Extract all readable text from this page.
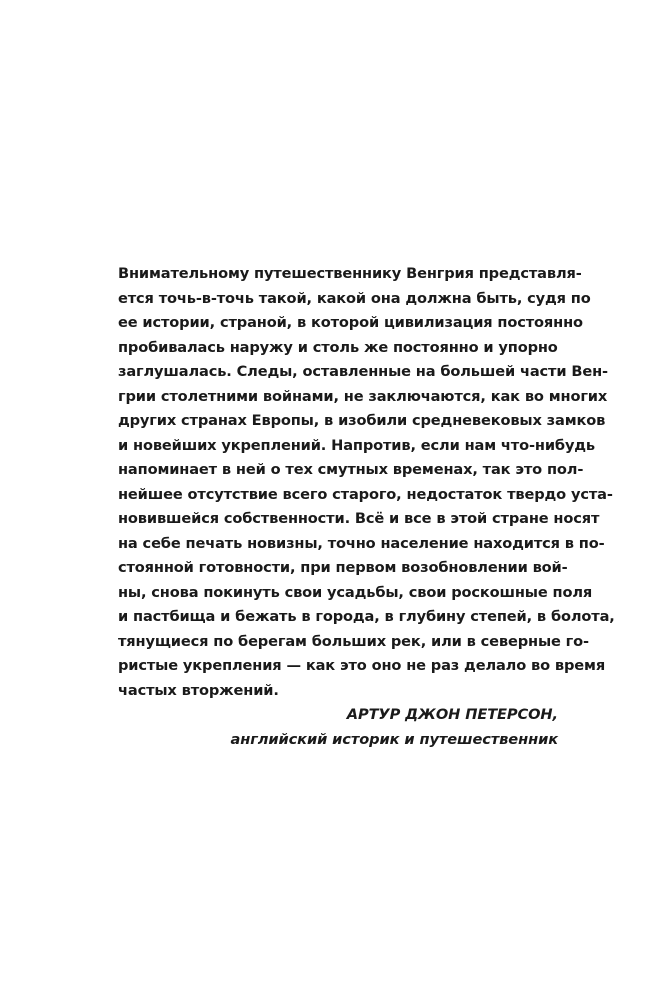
Внимательному путешественнику Венгрия представля-
ется точь-в-точь такой, какой она должна быть, судя по
ее истории, страной, в которой цивилизация постоянно
пробивалась наружу и столь же постоянно и упорно
заглушалась. Следы, оставленные на большей части Вен-
грии столетними войнами, не заключаются, как во многих
других странах Европы, в изобили средневековых замков
и новейших укреплений. Напротив, если нам что-нибудь
напоминает в ней о тех смутных временах, так это пол-
нейшее отсутствие всего старого, недостаток твердо уста-
новившейся собственности. Всё и все в этой стране носят
на себе печать новизны, точно население находится в по-
стоянной готовности, при первом возобновлении вой-
ны, снова покинуть свои усадьбы, свои роскошные поля
и пастбища и бежать в города, в глубину степей, в болота,
тянущиеся по берегам больших рек, или в северные го-
ристые укрепления — как это оно не раз делало во время
частых вторжений.
АРТУР ДЖОН ПЕТЕРСОН,
английский историк и путешественник
